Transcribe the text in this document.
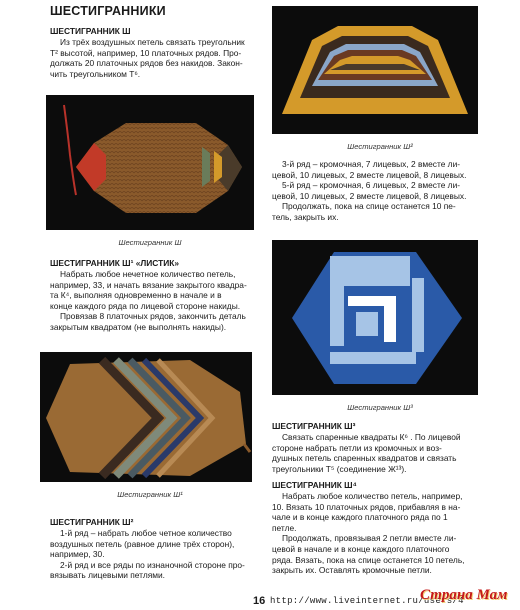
ШЕСТИГРАННИКИ
ШЕСТИГРАННИК Ш
Из трёх воздушных петель связать треугольник
Т² высотой, например, 10 платочных рядов. Про-
должать 20 платочных рядов без накидов. Закон-
чить треугольником Т⁶.
Шестигранник Ш
ШЕСТИГРАННИК Ш¹ «ЛИСТИК»
Набрать любое нечетное количество петель,
например, 33, и начать вязание закрытого квадра-
та К⁴, выполняя одновременно в начале и в
конце каждого ряда по лицевой стороне накиды.
Провязав 8 платочных рядов, закончить деталь
закрытым квадратом (не выполнять накиды).
Шестигранник Ш¹
ШЕСТИГРАННИК Ш²
1-й ряд – набрать любое четное количество
воздушных петель (равное длине трёх сторон),
например, 30.
2-й ряд и все ряды по изнаночной стороне про-
вязывать лицевыми петлями.
Шестигранник Ш²
3-й ряд – кромочная, 7 лицевых, 2 вместе ли-
цевой, 10 лицевых, 2 вместе лицевой, 8 лицевых.
5-й ряд – кромочная, 6 лицевых, 2 вместе ли-
цевой, 10 лицевых, 2 вместе лицевой, 8 лицевых.
Продолжать, пока на спице останется 10 пе-
тель, закрыть их.
Шестигранник Ш³
ШЕСТИГРАННИК Ш³
Связать спаренные квадраты К⁶ . По лицевой
стороне набрать петли из кромочных и воз-
душных петель спаренных квадратов и связать
треугольники Т⁵ (соединение Ж¹³).
ШЕСТИГРАННИК Ш⁴
Набрать любое количество петель, например,
10. Вязать 10 платочных рядов, прибавляя в на-
чале и в конце каждого платочного ряда по 1
петле.
Продолжать, провязывая 2 петли вместе ли-
цевой в начале и в конце каждого платочного
ряда. Вязать, пока на спице останется 10 петель,
закрыть их. Оставлять кромочные петли.
16 http://www.liveinternet.ru/users/4
Страна Мам
